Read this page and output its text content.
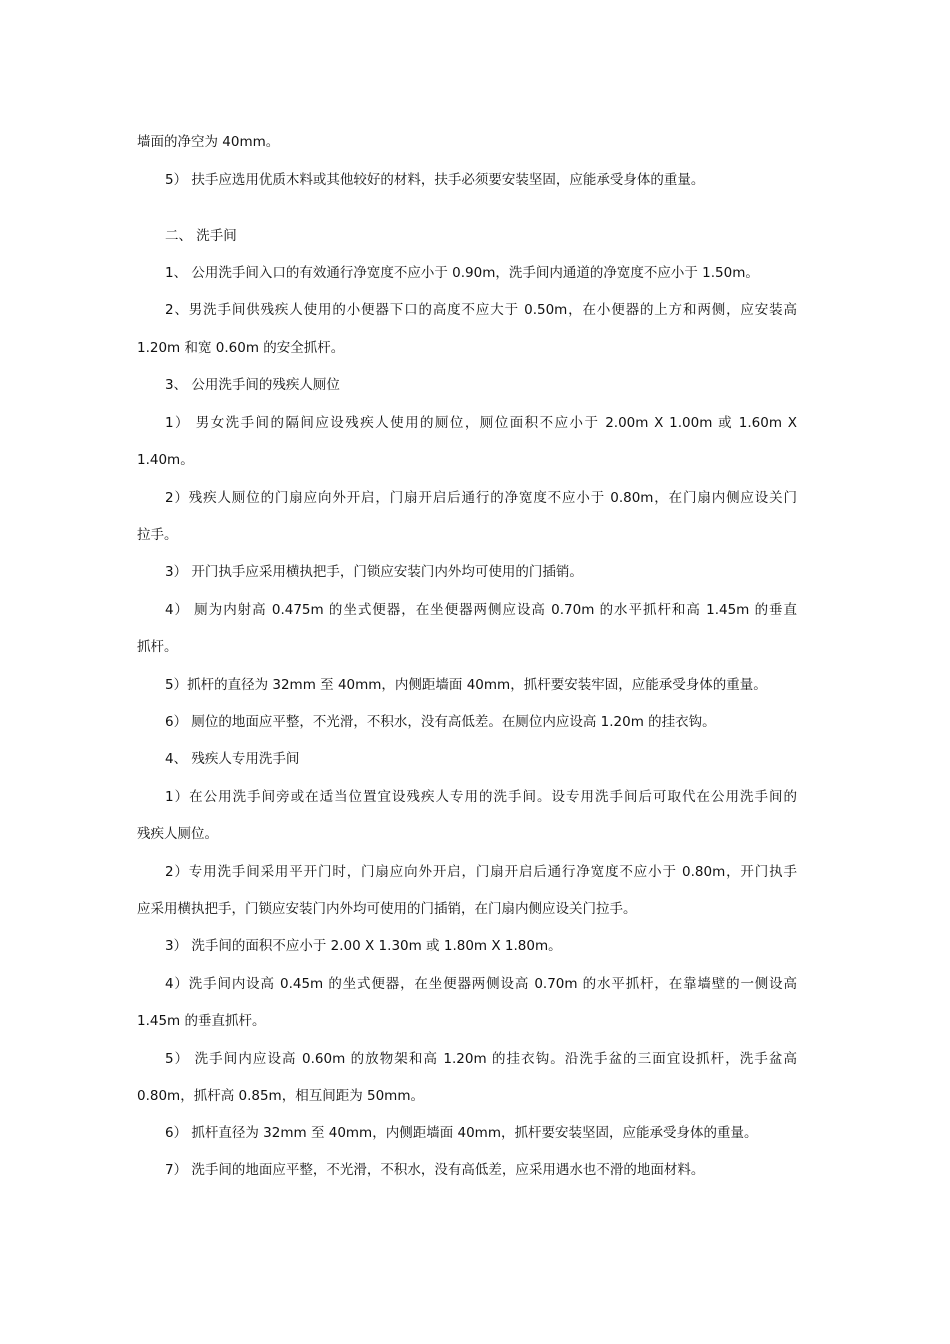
墙面的净空为 40mm。
5） 扶手应选用优质木料或其他较好的材料，扶手必须要安装坚固，应能承受身体的重量。
二、 洗手间
1、 公用洗手间入口的有效通行净宽度不应小于 0.90m，洗手间内通道的净宽度不应小于 1.50m。
2、男洗手间供残疾人使用的小便器下口的高度不应大于 0.50m，在小便器的上方和两侧，应安装高
1.20m 和宽 0.60m 的安全抓杆。
3、 公用洗手间的残疾人厕位
1） 男女洗手间的隔间应设残疾人使用的厕位，厕位面积不应小于 2.00m X 1.00m 或 1.60m X
1.40m。
2）残疾人厕位的门扇应向外开启，门扇开启后通行的净宽度不应小于 0.80m，在门扇内侧应设关门
拉手。
3） 开门执手应采用横执把手，门锁应安装门内外均可使用的门插销。
4） 厕为内射高 0.475m 的坐式便器，在坐便器两侧应设高 0.70m 的水平抓杆和高 1.45m 的垂直
抓杆。
5）抓杆的直径为 32mm 至 40mm，内侧距墙面 40mm，抓杆要安装牢固，应能承受身体的重量。
6） 厕位的地面应平整，不光滑，不积水，没有高低差。在厕位内应设高 1.20m 的挂衣钩。
4、 残疾人专用洗手间
1）在公用洗手间旁或在适当位置宜设残疾人专用的洗手间。设专用洗手间后可取代在公用洗手间的
残疾人厕位。
2）专用洗手间采用平开门时，门扇应向外开启，门扇开启后通行净宽度不应小于 0.80m，开门执手
应采用横执把手，门锁应安装门内外均可使用的门插销，在门扇内侧应设关门拉手。
3） 洗手间的面积不应小于 2.00 X 1.30m 或 1.80m X 1.80m。
4）洗手间内设高 0.45m 的坐式便器，在坐便器两侧设高 0.70m 的水平抓杆，在靠墙壁的一侧设高
1.45m 的垂直抓杆。
5） 洗手间内应设高 0.60m 的放物架和高 1.20m 的挂衣钩。沿洗手盆的三面宜设抓杆，洗手盆高
0.80m，抓杆高 0.85m，相互间距为 50mm。
6） 抓杆直径为 32mm 至 40mm，内侧距墙面 40mm，抓杆要安装坚固，应能承受身体的重量。
7） 洗手间的地面应平整，不光滑，不积水，没有高低差，应采用遇水也不滑的地面材料。
